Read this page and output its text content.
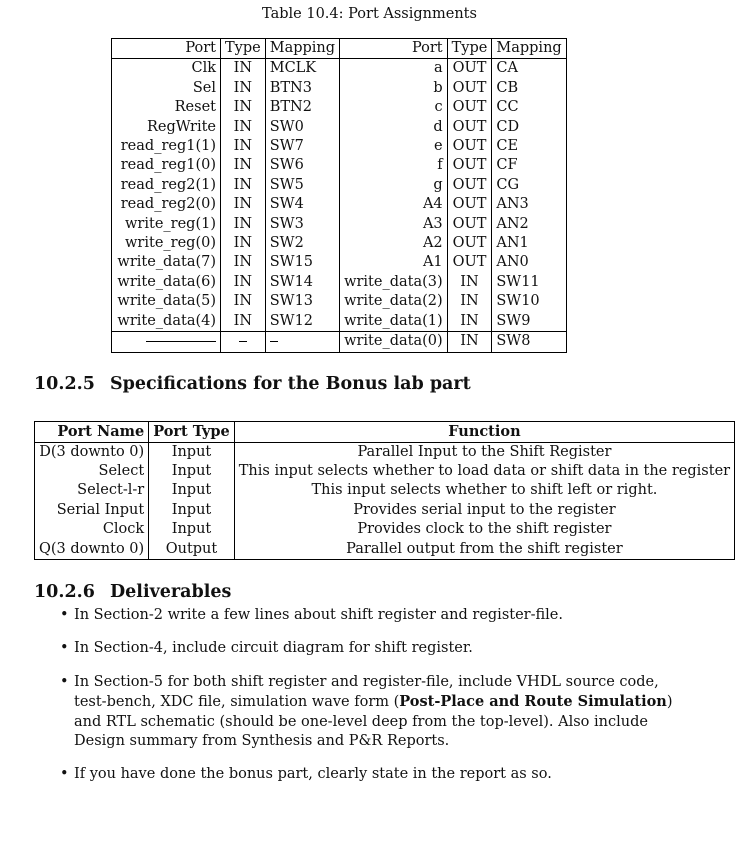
Table 10.4: Port Assignments
Port	Type	Mapping	Port	Type	Mapping
Clk	IN	MCLK	a	OUT	CA
Sel	IN	BTN3	b	OUT	CB
Reset	IN	BTN2	c	OUT	CC
RegWrite	IN	SW0	d	OUT	CD
read_reg1(1)	IN	SW7	e	OUT	CE
read_reg1(0)	IN	SW6	f	OUT	CF
read_reg2(1)	IN	SW5	g	OUT	CG
read_reg2(0)	IN	SW4	A4	OUT	AN3
write_reg(1)	IN	SW3	A3	OUT	AN2
write_reg(0)	IN	SW2	A2	OUT	AN1
write_data(7)	IN	SW15	A1	OUT	AN0
write_data(6)	IN	SW14	write_data(3)	IN	SW11
write_data(5)	IN	SW13	write_data(2)	IN	SW10
write_data(4)	IN	SW12	write_data(1)	IN	SW9
			write_data(0)	IN	SW8
10.2.5 Specifications for the Bonus lab part
Port Name	Port Type	Function
D(3 downto 0)	Input	Parallel Input to the Shift Register
Select	Input	This input selects whether to load data or shift data in the register
Select-l-r	Input	This input selects whether to shift left or right.
Serial Input	Input	Provides serial input to the register
Clock	Input	Provides clock to the shift register
Q(3 downto 0)	Output	Parallel output from the shift register
10.2.6 Deliverables
• In Section-2 write a few lines about shift register and register-file.
• In Section-4, include circuit diagram for shift register.
• In Section-5 for both shift register and register-file, include VHDL source code, test-bench, XDC file, simulation wave form (Post-Place and Route Simulation) and RTL schematic (should be one-level deep from the top-level). Also include Design summary from Synthesis and P&R Reports.
• If you have done the bonus part, clearly state in the report as so.
